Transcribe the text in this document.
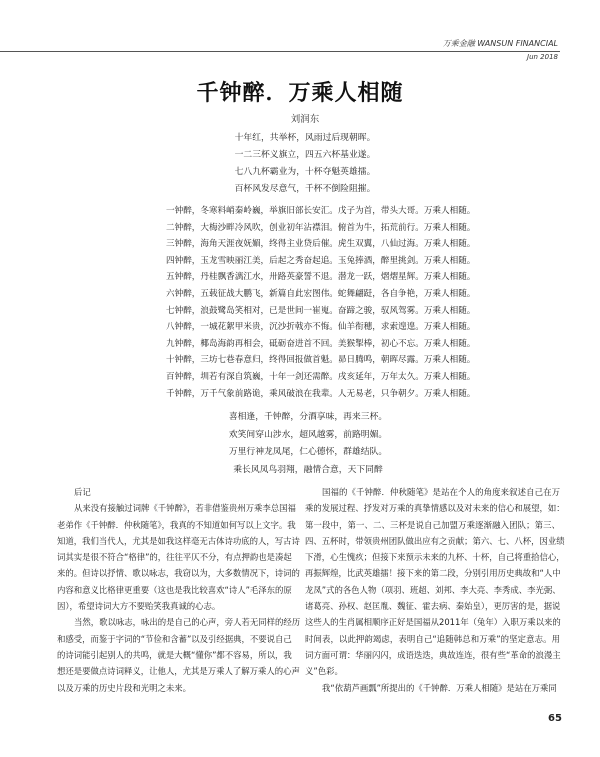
万乘金融 WANSUN FINANCIAL
Jun 2018
千钟醉．万乘人相随
刘润东
十年红，共举杯，风雨过后现朝晖。
一二三杯义旗立，四五六杯基业遂。
七八九杯霸业为，十杯夺魁英雄擂。
百杯风发尽意气，千杯不倒险阻摧。
一钟醉，冬寒料峭秦岭巍，举旗旧部长安汇。戊子为首，带头大哥。万乘人相随。
二钟醉，大梅沙畔冷风吹，创业初年沾襟泪。俯首为牛，拓荒前行。万乘人相随。
三钟醉，海角天涯夜妩媚，终得主业贷后催。虎生双翼，八仙过海。万乘人相随。
四钟醉，玉龙雪映丽江美，后起之秀奋起追。玉兔捧酒，醉里挑剑。万乘人相随。
五钟醉，丹桂飘香漓江水，卅路英豪誓不退。潜龙一跃，熠熠星辉。万乘人相随。
六钟醉，五载征战大鹏飞，新篇自此宏图伟。蛇舞翩跹，各自争艳，万乘人相随。
七钟醉，浪鼓鹭岛笑相对，已是世间一崔嵬。奋蹄之骏，驭风驾雾。万乘人相随。
八钟醉，一城花絮甲米贵，沉沙折戟亦不悔。仙羊衔穗，求索遑遑。万乘人相随。
九钟醉，椰岛海韵再相会，砥砺奋进首不回。美猴掣棒，初心不忘。万乘人相随。
十钟醉，三坊七巷春意归，终得回报做首魁。昴日腾鸣，朝晖尽露。万乘人相随。
百钟醉，圳若有深自筑巍，十年一剑还需醉。戌亥延年，万年太久。万乘人相随。
千钟醉，万千气象前路诡，乘风破浪在我辈。人无易老，只争朝夕。万乘人相随。
喜相逢，千钟醉，分酒享味，再来三杯。
欢笑间穿山涉水，超风越雾，前路明媚。
万里行神龙凤尾，仁心德怀，群雄结队。
乘长风凤鸟羽翔，融情合意，天下同醉
后记
从来没有接触过词牌《千钟醉》，若非借鉴贵州万乘李总国福
老弟作《千钟醉．仲秋随笔》，我真的不知道如何写以上文字。我
知道，我们当代人，尤其是如我这样毫无古体诗功底的人，写古诗
词其实是很不符合“格律”的，往往平仄不分，有点押韵也是凑起
来的。但诗以抒情、歌以咏志，我窃以为，大多数情况下，诗词的
内容和意义比格律更重要（这也是我比较喜欢“诗人”毛泽东的原
因），希望诗词大方不要贻笑我真诚的心志。
当然，歌以咏志，咏出的是自己的心声，旁人若无同样的经历
和感受，而鉴于字词的“节俭和含蓄”以及引经据典，不要说自己
的诗词能引起别人的共鸣，就是大概“懂你”都不容易，所以，我
想还是要做点诗词释义，让他人，尤其是万乘人了解万乘人的心声
以及万乘的历史片段和光明之未来。
国福的《千钟醉．仲秋随笔》是站在个人的角度来叙述自己在万
乘的发展过程、抒发对万乘的真挚情感以及对未来的信心和展望，如：
第一段中，第一、二、三杯是说自己加盟万乘逐渐融入团队；第三、
四、五杯时，带领贵州团队做出应有之贡献；第六、七、八杯，因业绩
下滑，心生愧疚；但接下来预示未来的九杯、十杯，自己将重拾信心，
再振辉煌，比武英雄擂！接下来的第二段，分别引用历史典故和“人中
龙凤”式的各色人物（项羽、班超、刘邦、李大亮、李秀成、李光弼、
诸葛亮、孙权、赵匡胤、魏征、霍去病、秦始皇），更厉害的是，据说
这些人的生肖属相顺序正好是国福从2011年（兔年）入职万乘以来的
时间表，以此押韵竭虑，表明自己“追随韩总和万乘”的坚定意志。用
词方面可谓：华丽闪闪，成语迭迭，典故连连，很有些“革命的浪漫主
义”色彩。
我“依葫芦画瓢”所提出的《千钟醉．万乘人相随》是站在万乘同
65
